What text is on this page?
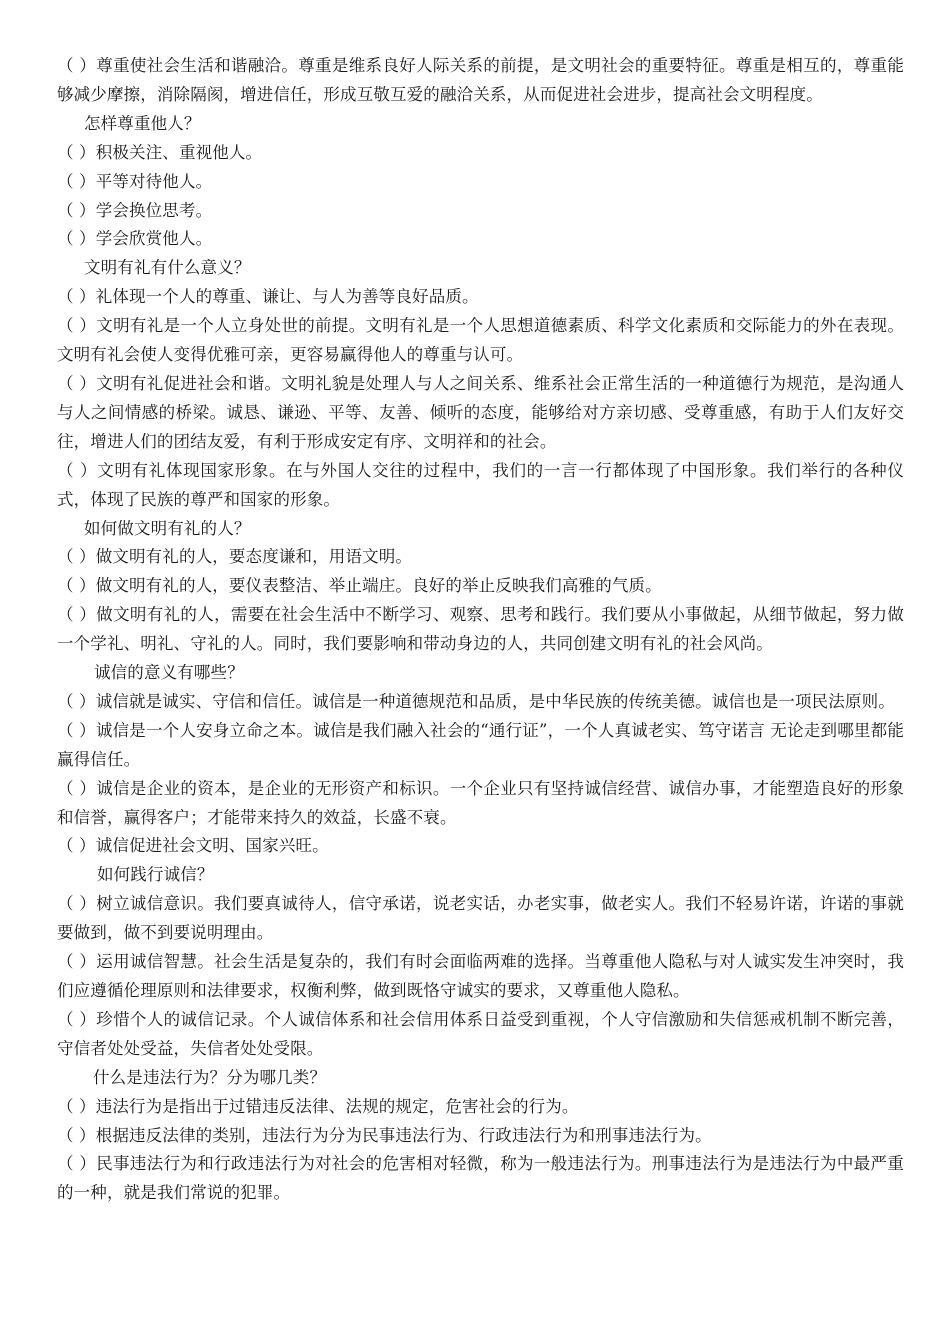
（ ）尊重使社会生活和谐融洽。尊重是维系良好人际关系的前提，是文明社会的重要特征。尊重是相互的，尊重能够减少摩擦，消除隔阂，增进信任，形成互敬互爱的融洽关系，从而促进社会进步，提高社会文明程度。
怎样尊重他人？
（ ）积极关注、重视他人。
（ ）平等对待他人。
（ ）学会换位思考。
（ ）学会欣赏他人。
文明有礼有什么意义？
（ ）礼体现一个人的尊重、谦让、与人为善等良好品质。
（ ）文明有礼是一个人立身处世的前提。文明有礼是一个人思想道德素质、科学文化素质和交际能力的外在表现。文明有礼会使人变得优雅可亲，更容易赢得他人的尊重与认可。
（ ）文明有礼促进社会和谐。文明礼貌是处理人与人之间关系、维系社会正常生活的一种道德行为规范，是沟通人与人之间情感的桥梁。诚恳、谦逊、平等、友善、倾听的态度，能够给对方亲切感、受尊重感，有助于人们友好交往，增进人们的团结友爱，有利于形成安定有序、文明祥和的社会。
（ ）文明有礼体现国家形象。在与外国人交往的过程中，我们的一言一行都体现了中国形象。我们举行的各种仪式，体现了民族的尊严和国家的形象。
如何做文明有礼的人？
（ ）做文明有礼的人，要态度谦和，用语文明。
（ ）做文明有礼的人，要仪表整洁、举止端庄。良好的举止反映我们高雅的气质。
（ ）做文明有礼的人，需要在社会生活中不断学习、观察、思考和践行。我们要从小事做起，从细节做起，努力做一个学礼、明礼、守礼的人。同时，我们要影响和带动身边的人，共同创建文明有礼的社会风尚。
诚信的意义有哪些？
（ ）诚信就是诚实、守信和信任。诚信是一种道德规范和品质，是中华民族的传统美德。诚信也是一项民法原则。
（ ）诚信是一个人安身立命之本。诚信是我们融入社会的“通行证”，一个人真诚老实、笃守诺言 无论走到哪里都能赢得信任。
（ ）诚信是企业的资本，是企业的无形资产和标识。一个企业只有坚持诚信经营、诚信办事，才能塑造良好的形象和信誉，赢得客户；才能带来持久的效益，长盛不衰。
（ ）诚信促进社会文明、国家兴旺。
如何践行诚信？
（ ）树立诚信意识。我们要真诚待人，信守承诺，说老实话，办老实事，做老实人。我们不轻易许诺，许诺的事就要做到，做不到要说明理由。
（ ）运用诚信智慧。社会生活是复杂的，我们有时会面临两难的选择。当尊重他人隐私与对人诚实发生冲突时，我们应遵循伦理原则和法律要求，权衡利弊，做到既恪守诚实的要求，又尊重他人隐私。
（ ）珍惜个人的诚信记录。个人诚信体系和社会信用体系日益受到重视，个人守信激励和失信惩戒机制不断完善，守信者处处受益，失信者处处受限。
什么是违法行为？分为哪几类？
（ ）违法行为是指出于过错违反法律、法规的规定，危害社会的行为。
（ ）根据违反法律的类别，违法行为分为民事违法行为、行政违法行为和刑事违法行为。
（ ）民事违法行为和行政违法行为对社会的危害相对轻微，称为一般违法行为。刑事违法行为是违法行为中最严重的一种，就是我们常说的犯罪。
